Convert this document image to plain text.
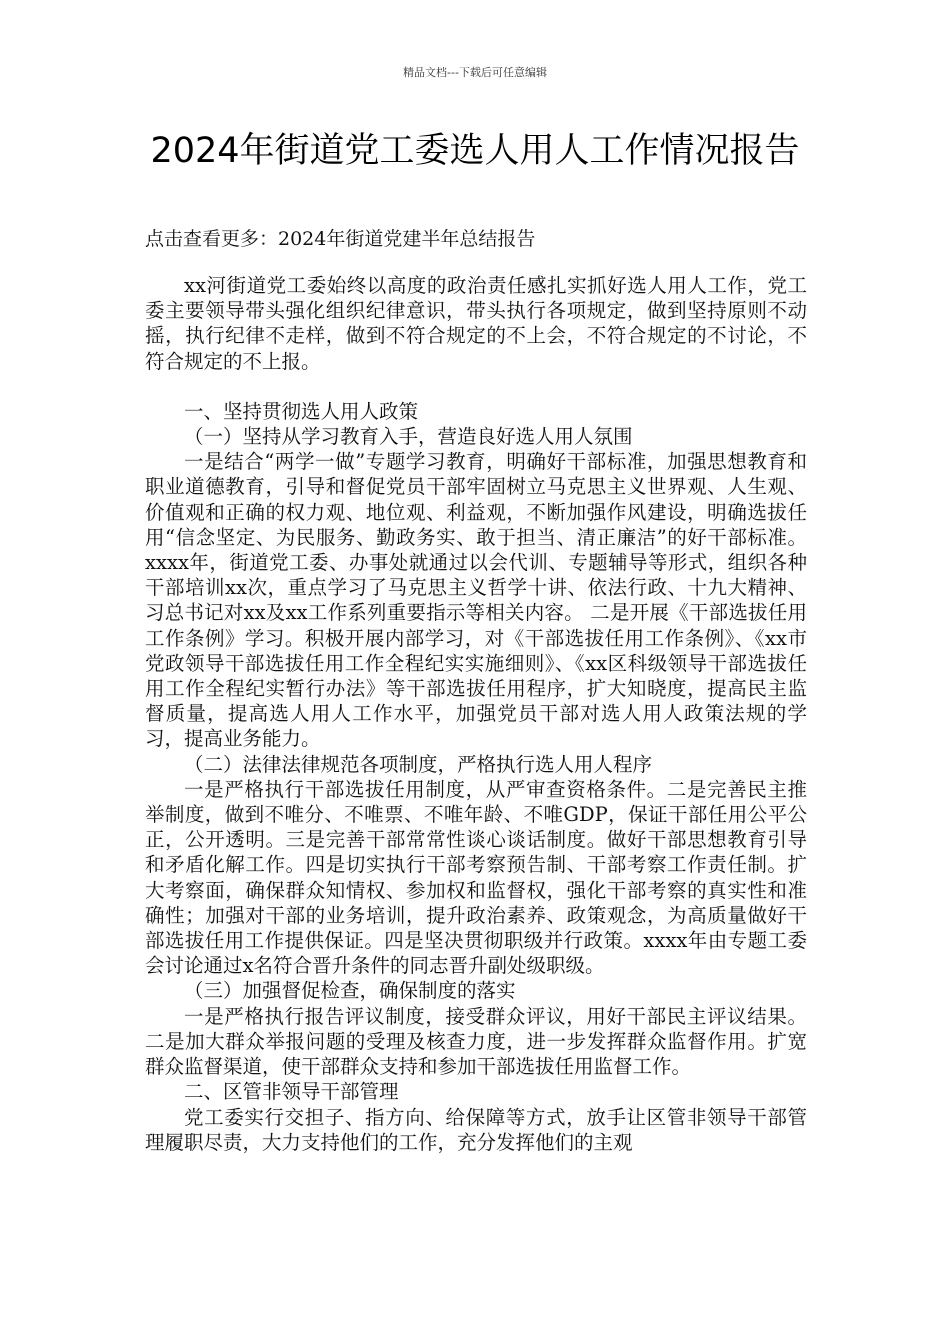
精品文档---下载后可任意编辑
2024年街道党工委选人用人工作情况报告
点击查看更多：2024年街道党建半年总结报告

xx河街道党工委始终以高度的政治责任感扎实抓好选人用人工作，党工委主要领导带头强化组织纪律意识，带头执行各项规定，做到坚持原则不动摇，执行纪律不走样，做到不符合规定的不上会，不符合规定的不讨论，不符合规定的不上报。

一、坚持贯彻选人用人政策

（一）坚持从学习教育入手，营造良好选人用人氛围

一是结合“两学一做”专题学习教育，明确好干部标准，加强思想教育和职业道德教育，引导和督促党员干部牢固树立马克思主义世界观、人生观、价值观和正确的权力观、地位观、利益观，不断加强作风建设，明确选拔任用“信念坚定、为民服务、勤政务实、敢于担当、清正廉洁”的好干部标准。xxxx年，街道党工委、办事处就通过以会代训、专题辅导等形式，组织各种干部培训xx次，重点学习了马克思主义哲学十讲、依法行政、十九大精神、习总书记对xx及xx工作系列重要指示等相关内容。 二是开展《干部选拔任用工作条例》学习。积极开展内部学习，对《干部选拔任用工作条例》、《xx市党政领导干部选拔任用工作全程纪实实施细则》、《xx区科级领导干部选拔任用工作全程纪实暂行办法》等干部选拔任用程序，扩大知晓度，提高民主监督质量，提高选人用人工作水平，加强党员干部对选人用人政策法规的学习，提高业务能力。

（二）法律法律规范各项制度，严格执行选人用人程序

一是严格执行干部选拔任用制度，从严审查资格条件。二是完善民主推举制度，做到不唯分、不唯票、不唯年龄、不唯GDP，保证干部任用公平公正，公开透明。三是完善干部常常性谈心谈话制度。做好干部思想教育引导和矛盾化解工作。四是切实执行干部考察预告制、干部考察工作责任制。扩大考察面，确保群众知情权、参加权和监督权，强化干部考察的真实性和准确性；加强对干部的业务培训，提升政治素养、政策观念，为高质量做好干部选拔任用工作提供保证。四是坚决贯彻职级并行政策。xxxx年由专题工委会讨论通过x名符合晋升条件的同志晋升副处级职级。

（三）加强督促检查，确保制度的落实

一是严格执行报告评议制度，接受群众评议，用好干部民主评议结果。二是加大群众举报问题的受理及核查力度，进一步发挥群众监督作用。扩宽群众监督渠道，使干部群众支持和参加干部选拔任用监督工作。

二、区管非领导干部管理

党工委实行交担子、指方向、给保障等方式，放手让区管非领导干部管理履职尽责，大力支持他们的工作，充分发挥他们的主观
